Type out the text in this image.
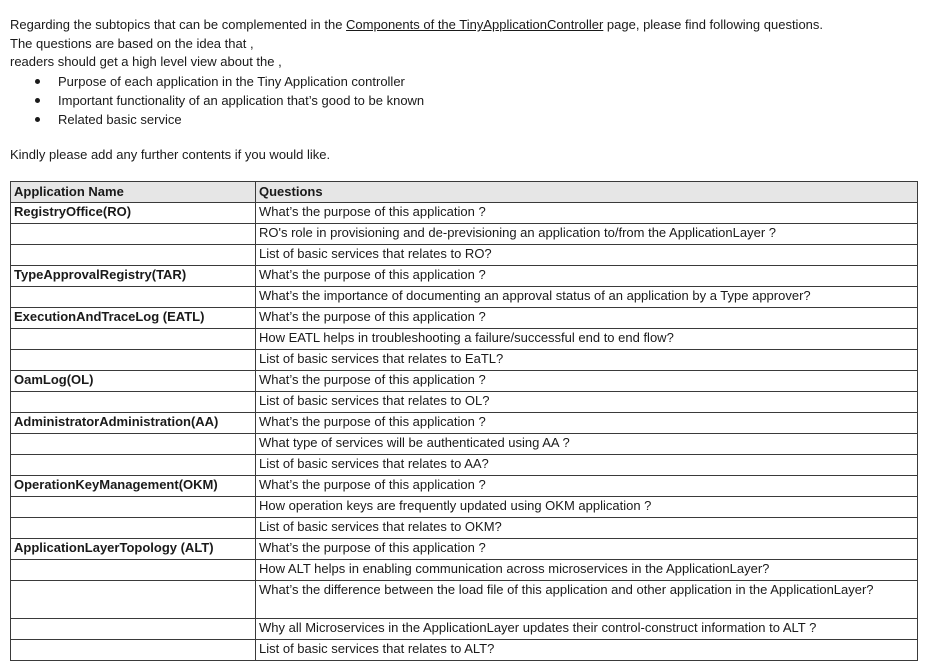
Regarding the subtopics that can be complemented in the Components of the TinyApplicationController page, please find following questions.

The questions are based on the idea that ,

readers should get a high level view about the ,

Purpose of each application in the Tiny Application controller
Important functionality of an application that’s good to be known
Related basic service

Kindly please add any further contents if you would like.

Application Name	Questions
RegistryOffice(RO)	What’s the purpose of this application ?
	RO's role in provisioning and de-previsionіng an application to/from the ApplicationLayer ?
	List of basic services that relates to RO?
TypeApprovalRegistry(TAR)	What’s the purpose of this application ?
	What’s the importance of documenting an approval status of an application by a Type approver?
ExecutionAndTraceLog (EATL)	What’s the purpose of this application ?
	How EATL helps in troubleshooting a failure/successful end to end flow?
	List of basic services that relates to EaTL?
OamLog(OL)	What’s the purpose of this application ?
	List of basic services that relates to OL?
AdministratorAdministration(AA)	What’s the purpose of this application ?
	What type of services will be authenticated using AA ?
	List of basic services that relates to AA?
OperationKeyManagement(OKM)	What’s the purpose of this application ?
	How operation keys are frequently updated using OKM application ?
	List of basic services that relates to OKM?
ApplicationLayerTopology (ALT)	What’s the purpose of this application ?
	How ALT helps in enabling communication across microservices in the ApplicationLayer?
	What’s the difference between the load file of this application and other application in the ApplicationLayer?
	Why all Microservices in the ApplicationLayer updates their control-construct information to ALT ?
	List of basic services that relates to ALT?
